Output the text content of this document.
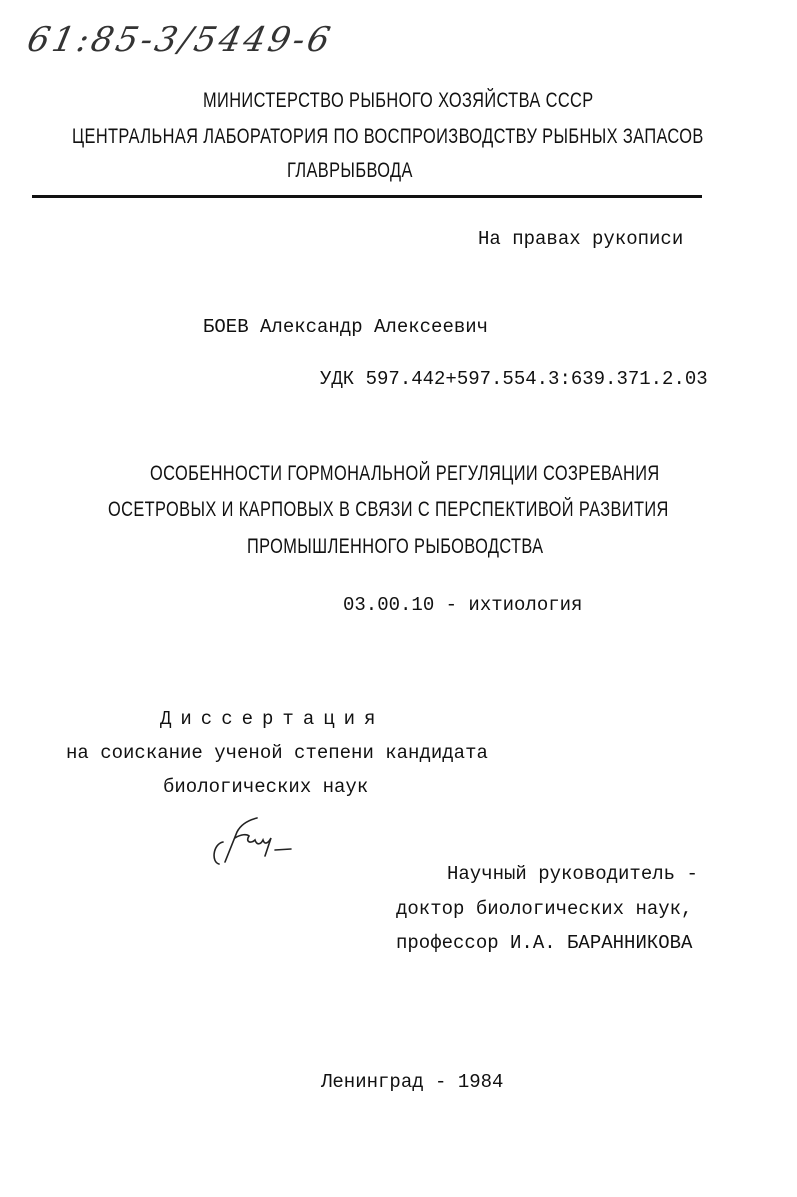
61:85-3/5449-6
МИНИСТЕРСТВО РЫБНОГО ХОЗЯЙСТВА СССР
ЦЕНТРАЛЬНАЯ ЛАБОРАТОРИЯ ПО ВОСПРОИЗВОДСТВУ РЫБНЫХ ЗАПАСОВ
ГЛАВРЫБВОДА
На правах рукописи
БОЕВ Александр Алексеевич
УДК 597.442+597.554.3:639.371.2.03
ОСОБЕННОСТИ ГОРМОНАЛЬНОЙ РЕГУЛЯЦИИ СОЗРЕВАНИЯ
ОСЕТРОВЫХ И КАРПОВЫХ В СВЯЗИ С ПЕРСПЕКТИВОЙ РАЗВИТИЯ
ПРОМЫШЛЕННОГО РЫБОВОДСТВА
03.00.10 - ихтиология
Диссертация
на соискание ученой степени кандидата
биологических наук
Научный руководитель -
доктор биологических наук,
профессор И.А. БАРАННИКОВА
Ленинград - 1984
